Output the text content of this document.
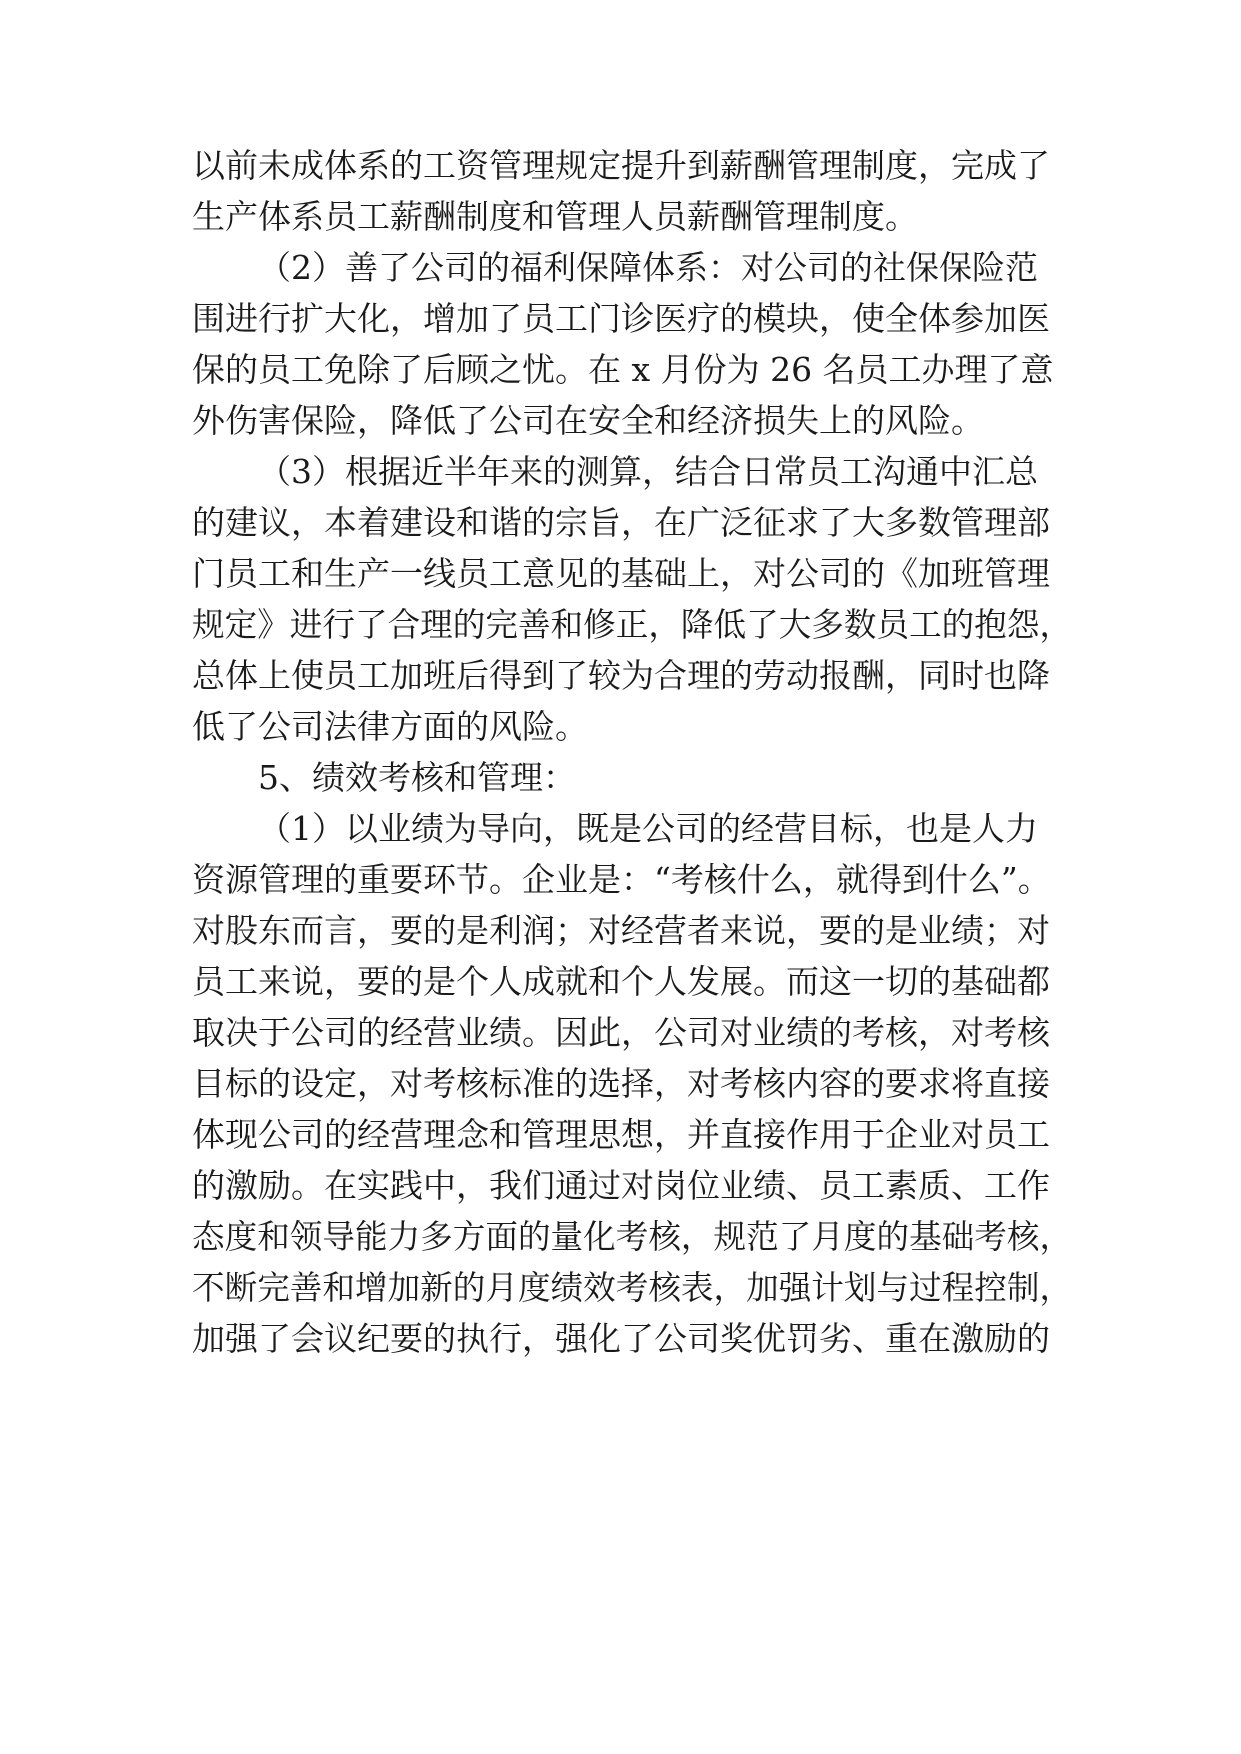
以前未成体系的工资管理规定提升到薪酬管理制度，完成了
生产体系员工薪酬制度和管理人员薪酬管理制度。
（2）善了公司的福利保障体系：对公司的社保保险范
围进行扩大化，增加了员工门诊医疗的模块，使全体参加医
保的员工免除了后顾之忧。在 x 月份为 26 名员工办理了意
外伤害保险，降低了公司在安全和经济损失上的风险。
（3）根据近半年来的测算，结合日常员工沟通中汇总
的建议，本着建设和谐的宗旨，在广泛征求了大多数管理部
门员工和生产一线员工意见的基础上，对公司的《加班管理
规定》进行了合理的完善和修正，降低了大多数员工的抱怨，
总体上使员工加班后得到了较为合理的劳动报酬，同时也降
低了公司法律方面的风险。
5、绩效考核和管理：
（1）以业绩为导向，既是公司的经营目标，也是人力
资源管理的重要环节。企业是：“考核什么，就得到什么”。
对股东而言，要的是利润；对经营者来说，要的是业绩；对
员工来说，要的是个人成就和个人发展。而这一切的基础都
取决于公司的经营业绩。因此，公司对业绩的考核，对考核
目标的设定，对考核标准的选择，对考核内容的要求将直接
体现公司的经营理念和管理思想，并直接作用于企业对员工
的激励。在实践中，我们通过对岗位业绩、员工素质、工作
态度和领导能力多方面的量化考核，规范了月度的基础考核，
不断完善和增加新的月度绩效考核表，加强计划与过程控制，
加强了会议纪要的执行，强化了公司奖优罚劣、重在激励的
